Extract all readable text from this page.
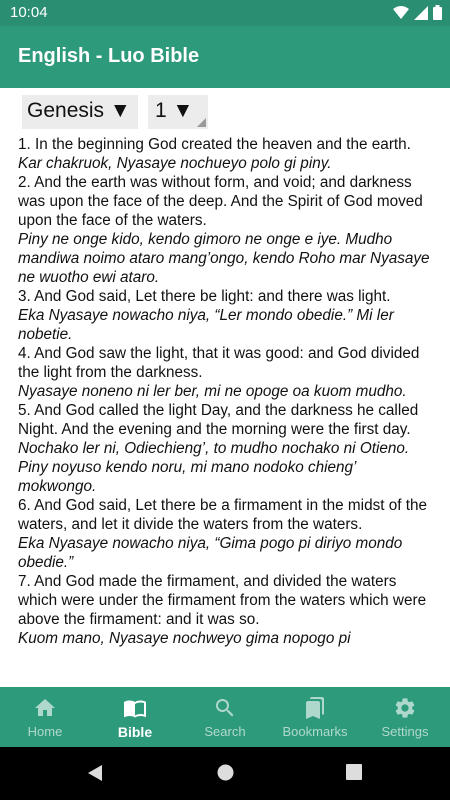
10:04
English - Luo Bible
Genesis ▼	1 ▼
1. In the beginning God created the heaven and the earth.
Kar chakruok, Nyasaye nochueyo polo gi piny.
2. And the earth was without form, and void; and darkness was upon the face of the deep. And the Spirit of God moved upon the face of the waters.
Piny ne onge kido, kendo gimoro ne onge e iye. Mudho mandiwa noimo ataro mang’ongo, kendo Roho mar Nyasaye ne wuotho ewi ataro.
3. And God said, Let there be light: and there was light.
Eka Nyasaye nowacho niya, “Ler mondo obedie.” Mi ler nobetie.
4. And God saw the light, that it was good: and God divided the light from the darkness.
Nyasaye noneno ni ler ber, mi ne opoge oa kuom mudho.
5. And God called the light Day, and the darkness he called Night. And the evening and the morning were the first day.
Nochako ler ni, Odiechieng’, to mudho nochako ni Otieno. Piny noyuso kendo noru, mi mano nodoko chieng’ mokwongo.
6. And God said, Let there be a firmament in the midst of the waters, and let it divide the waters from the waters.
Eka Nyasaye nowacho niya, “Gima pogo pi diriyo mondo obedie.”
7. And God made the firmament, and divided the waters which were under the firmament from the waters which were above the firmament: and it was so.
Kuom mano, Nyasaye nochweyo gima nopogo pi
Home	Bible	Search	Bookmarks	Settings
